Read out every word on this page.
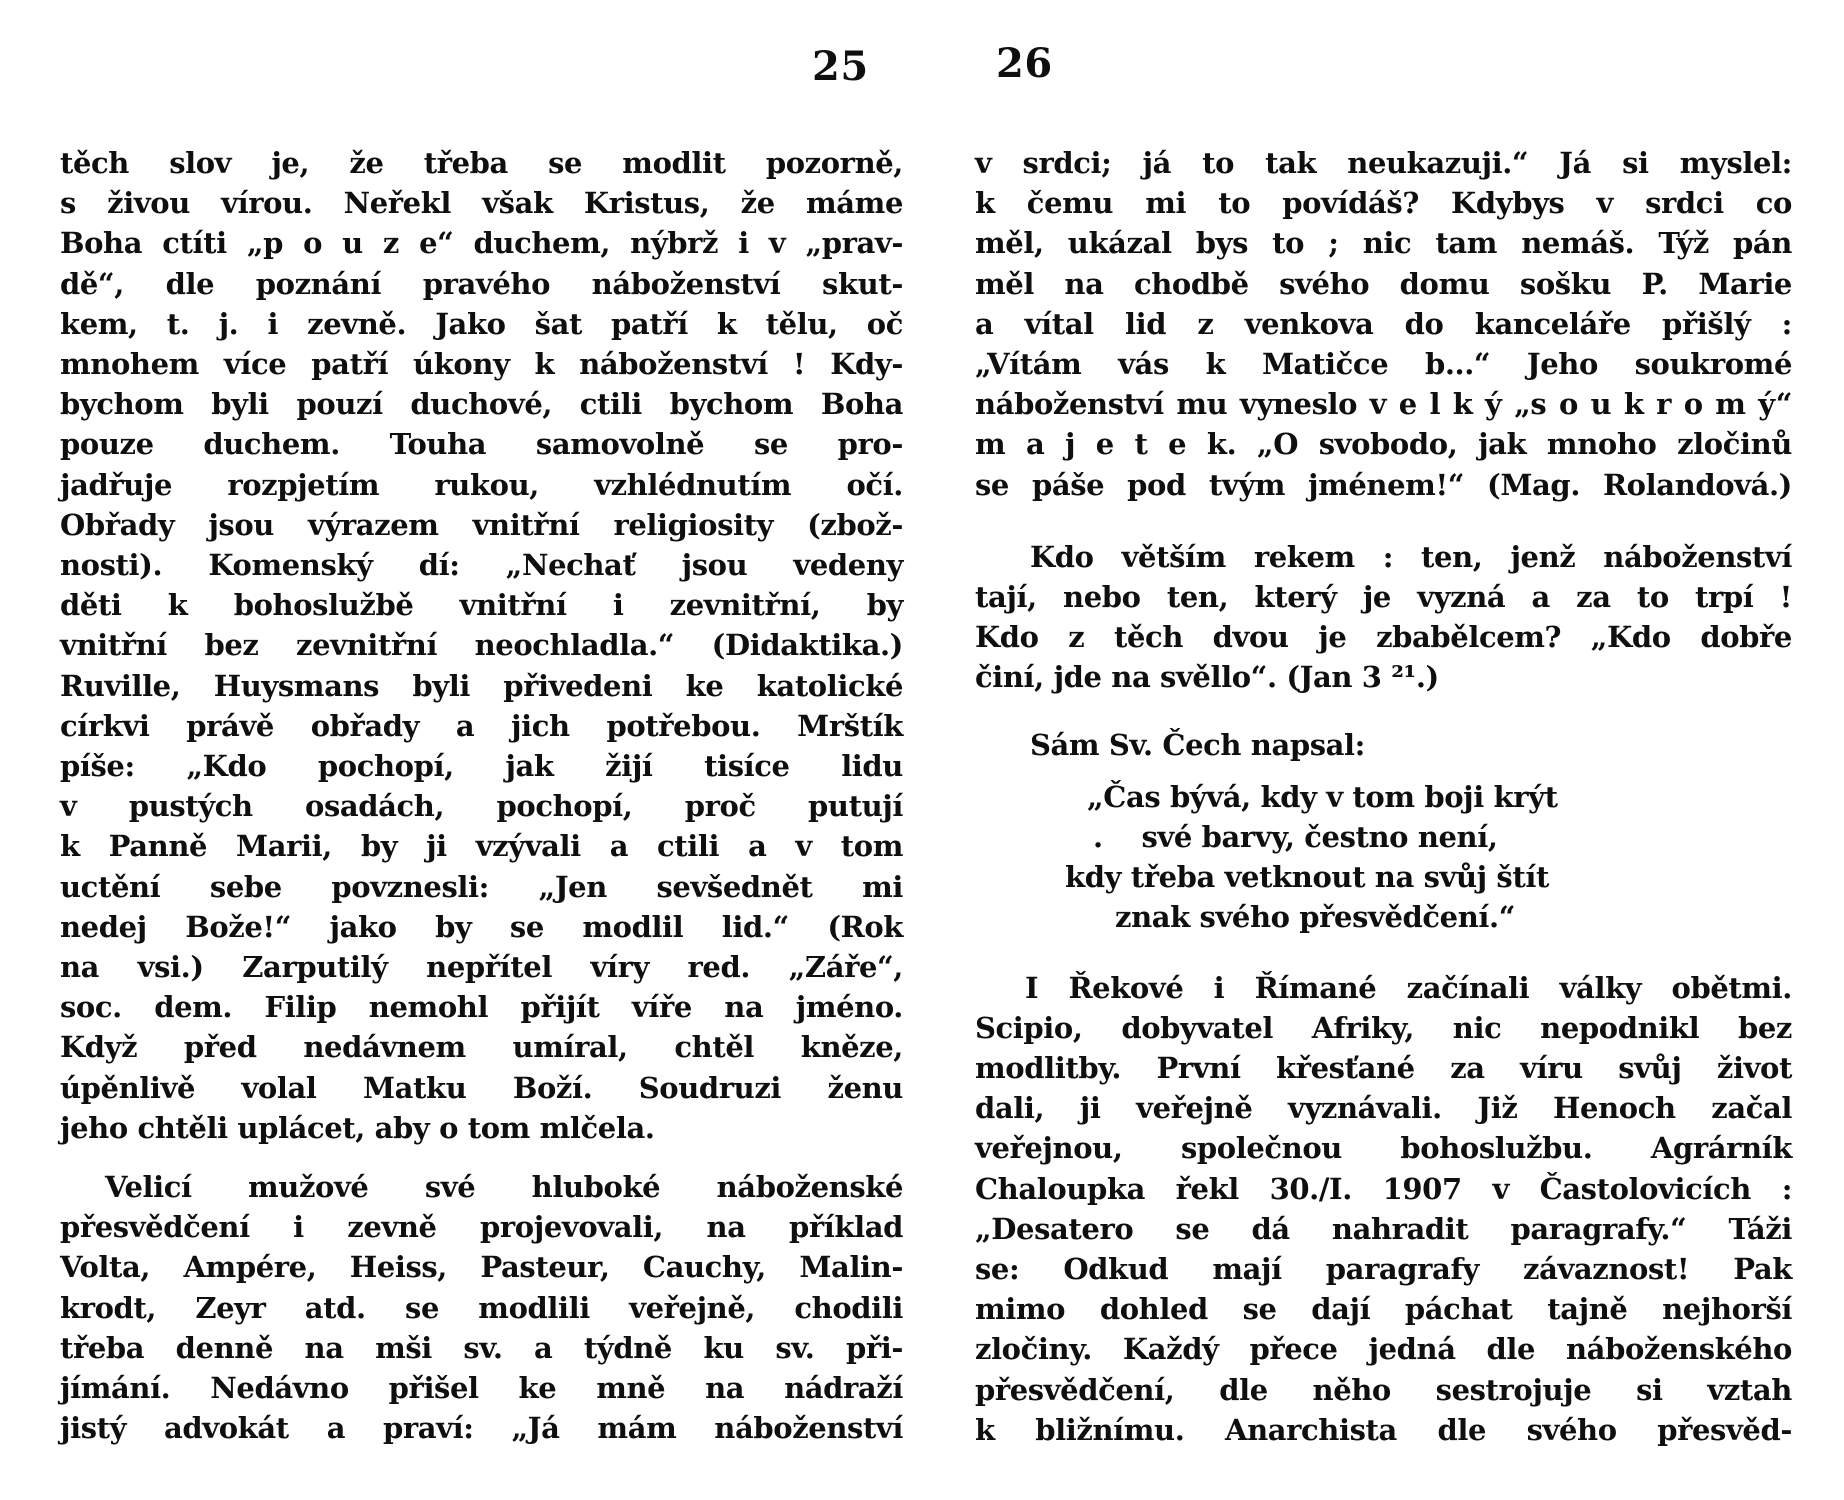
25	26
těch slov je, že třeba se modlit pozorně,
s živou vírou. Neřekl však Kristus, že máme
Boha ctíti „p o u z e“ duchem, nýbrž i v „prav-
dě“, dle poznání pravého náboženství skut-
kem, t. j. i zevně. Jako šat patří k tělu, oč
mnohem více patří úkony k náboženství ! Kdy-
bychom byli pouzí duchové, ctili bychom Boha
pouze duchem. Touha samovolně se pro-
jadřuje rozpjetím rukou, vzhlédnutím očí.
Obřady jsou výrazem vnitřní religiosity (zbož-
nosti). Komenský dí: „Nechať jsou vedeny
děti k bohoslužbě vnitřní i zevnitřní, by
vnitřní bez zevnitřní neochladla.“ (Didaktika.)
Ruville, Huysmans byli přivedeni ke katolické
církvi právě obřady a jich potřebou. Mrštík
píše: „Kdo pochopí, jak žijí tisíce lidu
v pustých osadách, pochopí, proč putují
k Panně Marii, by ji vzývali a ctili a v tom
uctění sebe povznesli: „Jen sevšednět mi
nedej Bože!“ jako by se modlil lid.“ (Rok
na vsi.) Zarputilý nepřítel víry red. „Záře“,
soc. dem. Filip nemohl přijít víře na jméno.
Když před nedávnem umíral, chtěl kněze,
úpěnlivě volal Matku Boží. Soudruzi ženu
jeho chtěli uplácet, aby o tom mlčela.
Velicí mužové své hluboké náboženské
přesvědčení i zevně projevovali, na příklad
Volta, Ampére, Heiss, Pasteur, Cauchy, Malin-
krodt, Zeyr atd. se modlili veřejně, chodili
třeba denně na mši sv. a týdně ku sv. při-
jímání. Nedávno přišel ke mně na nádraží
jistý advokát a praví: „Já mám náboženství
v srdci; já to tak neukazuji.“ Já si myslel:
k čemu mi to povídáš? Kdybys v srdci co
měl, ukázal bys to ; nic tam nemáš. Týž pán
měl na chodbě svého domu sošku P. Marie
a vítal lid z venkova do kanceláře přišlý :
„Vítám vás k Matičce b...“ Jeho soukromé
náboženství mu vyneslo v e l k ý „s o u k r o m ý“
m a j e t e k. „O svobodo, jak mnoho zločinů
se páše pod tvým jménem!“ (Mag. Rolandová.)
Kdo větším rekem : ten, jenž náboženství
tají, nebo ten, který je vyzná a za to trpí !
Kdo z těch dvou je zbabělcem? „Kdo dobře
činí, jde na svěllo“. (Jan 3 ²¹.)
Sám Sv. Čech napsal:
„Čas bývá, kdy v tom boji krýt
.    své barvy, čestno není,
kdy třeba vetknout na svůj štít
znak svého přesvědčení.“
I Řekové i Římané začínali války obětmi.
Scipio, dobyvatel Afriky, nic nepodnikl bez
modlitby. První křesťané za víru svůj život
dali, ji veřejně vyznávali. Již Henoch začal
veřejnou, společnou bohoslužbu. Agrárník
Chaloupka řekl 30./I. 1907 v Častolovicích :
„Desatero se dá nahradit paragrafy.“ Táži
se: Odkud mají paragrafy závaznost! Pak
mimo dohled se dají páchat tajně nejhorší
zločiny. Každý přece jedná dle náboženského
přesvědčení, dle něho sestrojuje si vztah
k bližnímu. Anarchista dle svého přesvěd-
